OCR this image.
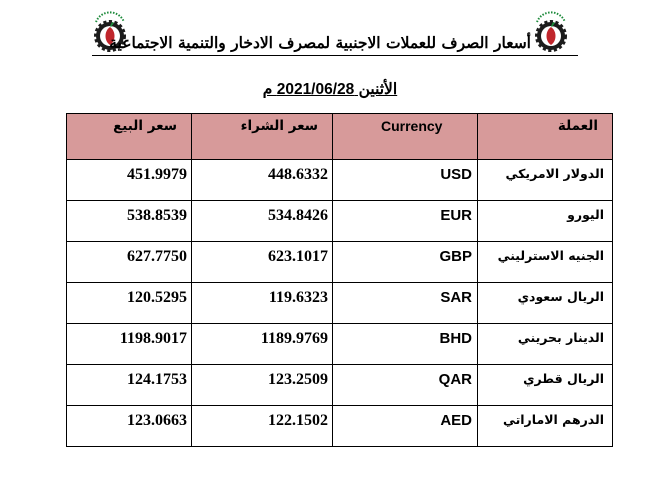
أسعار الصرف للعملات الاجنبية لمصرف الادخار والتنمية الاجتماعية
الأثنين 2021/06/28 م
سعر البيع	سعر الشراء	Currency	العملة
451.9979	448.6332	USD	الدولار الامريكي
538.8539	534.8426	EUR	اليورو
627.7750	623.1017	GBP	الجنيه الاسترليني
120.5295	119.6323	SAR	الريال سعودي
1198.9017	1189.9769	BHD	الدينار بحريني
124.1753	123.2509	QAR	الريال قطري
123.0663	122.1502	AED	الدرهم الاماراتي
